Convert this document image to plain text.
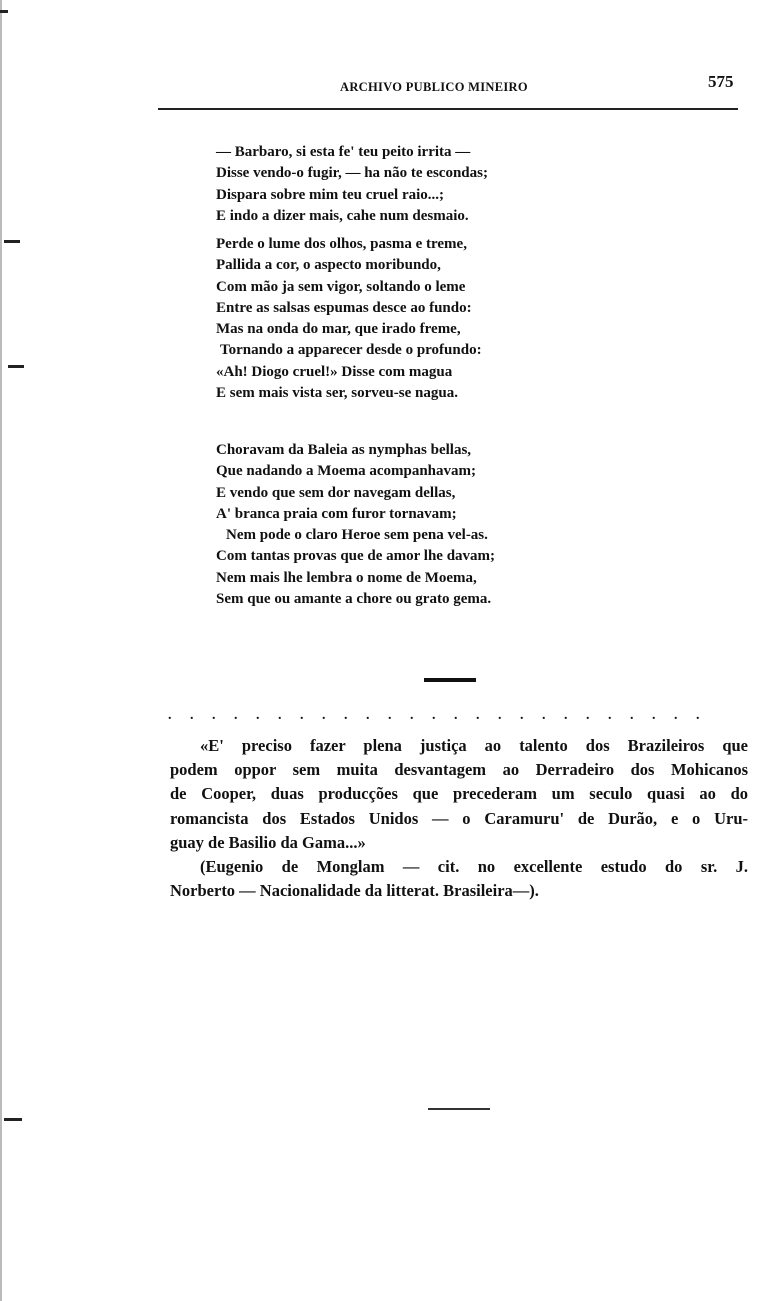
ARCHIVO PUBLICO MINEIRO	575
— Barbaro, si esta fe' teu peito irrita —
Disse vendo-o fugir, — ha não te escondas;
Dispara sobre mim teu cruel raio...;
E indo a dizer mais, cahe num desmaio.
Perde o lume dos olhos, pasma e treme,
Pallida a cor, o aspecto moribundo,
Com mão ja sem vigor, soltando o leme
Entre as salsas espumas desce ao fundo:
Mas na onda do mar, que irado freme,
Tornando a apparecer desde o profundo:
«Ah! Diogo cruel!» Disse com magua
E sem mais vista ser, sorveu-se nagua.
Choravam da Baleia as nymphas bellas,
Que nadando a Moema acompanhavam;
E vendo que sem dor navegam dellas,
A' branca praia com furor tornavam;
Nem pode o claro Heroe sem pena vel-as.
Com tantas provas que de amor lhe davam;
Nem mais lhe lembra o nome de Moema,
Sem que ou amante a chore ou grato gema.
. . . . . . . . . . . . . . . . . . . . . . . . .
«E' preciso fazer plena justiça ao talento dos Brazileiros que
podem oppor sem muita desvantagem ao Derradeiro dos Mohicanos
de Cooper, duas producções que precederam um seculo quasi ao do
romancista dos Estados Unidos — o Caramuru' de Durão, e o Uru-
guay de Basilio da Gama...»
(Eugenio de Monglam — cit. no excellente estudo do sr. J.
Norberto — Nacionalidade da litterat. Brasileira—).
